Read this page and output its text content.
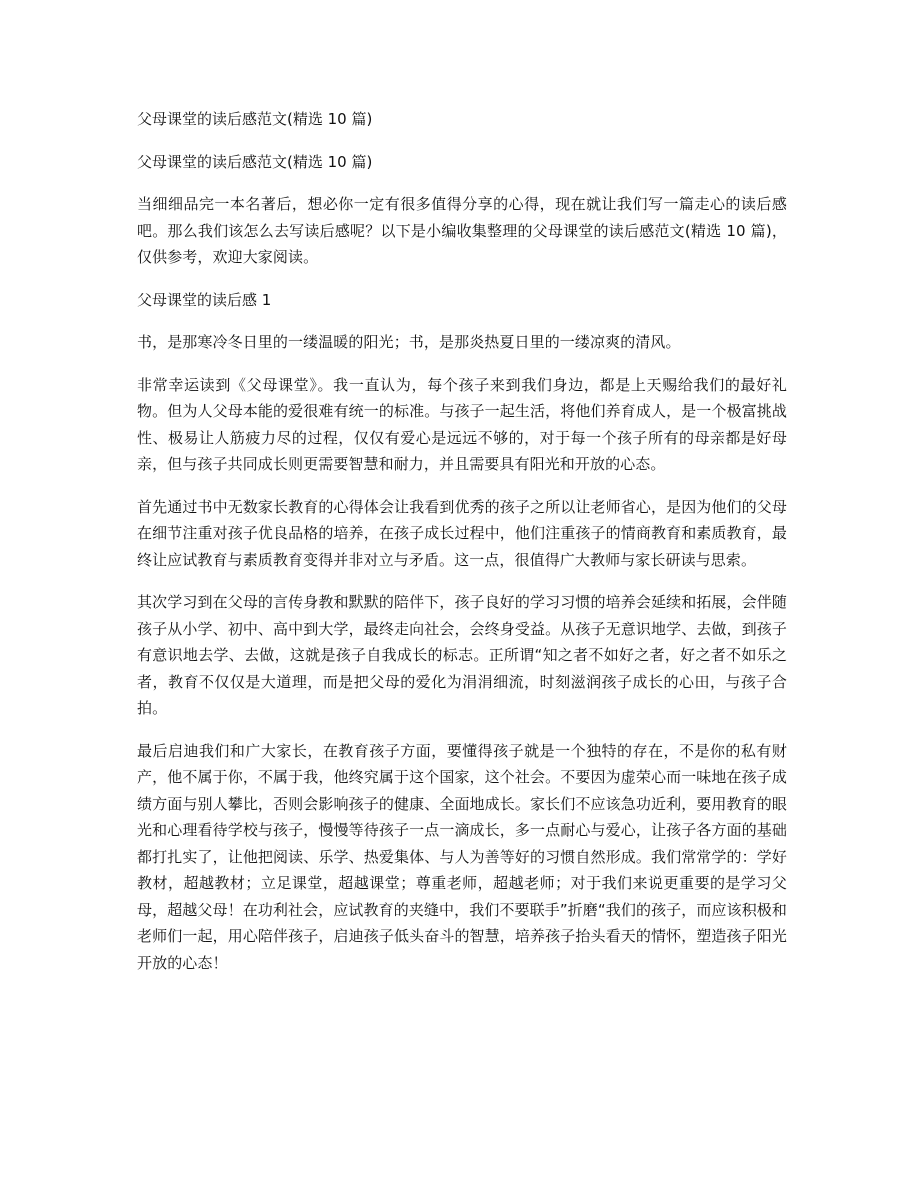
父母课堂的读后感范文(精选 10 篇)

父母课堂的读后感范文(精选 10 篇)

当细细品完一本名著后，想必你一定有很多值得分享的心得，现在就让我们写一篇走心的读后感吧。那么我们该怎么去写读后感呢？以下是小编收集整理的父母课堂的读后感范文(精选 10 篇)，仅供参考，欢迎大家阅读。

父母课堂的读后感 1

书，是那寒冷冬日里的一缕温暖的阳光；书，是那炎热夏日里的一缕凉爽的清风。

非常幸运读到《父母课堂》。我一直认为，每个孩子来到我们身边，都是上天赐给我们的最好礼物。但为人父母本能的爱很难有统一的标准。与孩子一起生活，将他们养育成人，是一个极富挑战性、极易让人筋疲力尽的过程，仅仅有爱心是远远不够的，对于每一个孩子所有的母亲都是好母亲，但与孩子共同成长则更需要智慧和耐力，并且需要具有阳光和开放的心态。

首先通过书中无数家长教育的心得体会让我看到优秀的孩子之所以让老师省心，是因为他们的父母在细节注重对孩子优良品格的培养，在孩子成长过程中，他们注重孩子的情商教育和素质教育，最终让应试教育与素质教育变得并非对立与矛盾。这一点，很值得广大教师与家长研读与思索。

其次学习到在父母的言传身教和默默的陪伴下，孩子良好的学习习惯的培养会延续和拓展，会伴随孩子从小学、初中、高中到大学，最终走向社会，会终身受益。从孩子无意识地学、去做，到孩子有意识地去学、去做，这就是孩子自我成长的标志。正所谓“知之者不如好之者，好之者不如乐之者，教育不仅仅是大道理，而是把父母的爱化为涓涓细流，时刻滋润孩子成长的心田，与孩子合拍。

最后启迪我们和广大家长，在教育孩子方面，要懂得孩子就是一个独特的存在，不是你的私有财产，他不属于你，不属于我，他终究属于这个国家，这个社会。不要因为虚荣心而一味地在孩子成绩方面与别人攀比，否则会影响孩子的健康、全面地成长。家长们不应该急功近利，要用教育的眼光和心理看待学校与孩子，慢慢等待孩子一点一滴成长，多一点耐心与爱心，让孩子各方面的基础都打扎实了，让他把阅读、乐学、热爱集体、与人为善等好的习惯自然形成。我们常常学的：学好教材，超越教材；立足课堂，超越课堂；尊重老师，超越老师；对于我们来说更重要的是学习父母，超越父母！在功利社会，应试教育的夹缝中，我们不要联手”折磨“我们的孩子，而应该积极和老师们一起，用心陪伴孩子，启迪孩子低头奋斗的智慧，培养孩子抬头看天的情怀，塑造孩子阳光开放的心态！
